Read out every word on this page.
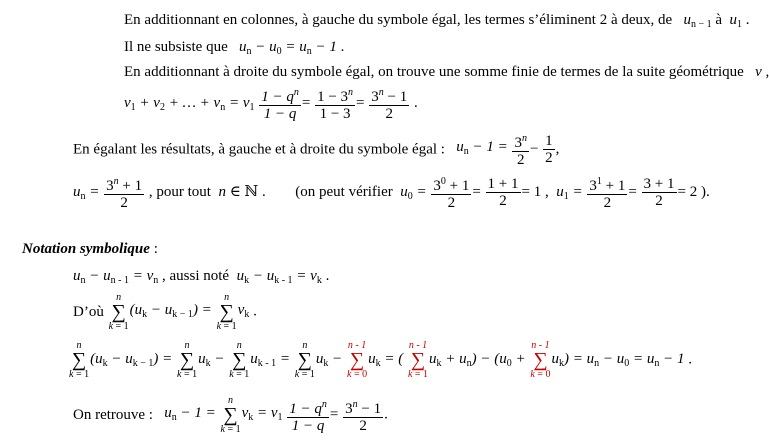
En additionnant en colonnes, à gauche du symbole égal, les termes s’éliminent 2 à deux, de   $u_{n - 1}$ à  $u_1$ .
Il ne subsiste que   $u_n - u_0 = u_n - 1$ .
En additionnant à droite du symbole égal, on trouve une somme finie de termes de la suite géométrique   v ,
$v_1 + v_2$ + … + $v_n = v_1 \frac{1 - q^n}{1 - q} = \frac{1 - 3^n}{1 - 3} = \frac{3^n - 1}{2}$ .
En égalant les résultats, à gauche et à droite du symbole égal :   $u_n - 1 = \frac{3^n}{2} - \frac{1}{2}$ ,
$u_n = \frac{3^n + 1}{2}$ , pour tout  n ∈ ℕ .  (on peut vérifier  $u_0 = \frac{3^0 + 1}{2} = \frac{1 + 1}{2} = 1$ ,  $u_1 = \frac{3^1 + 1}{2} = \frac{3 + 1}{2} = 2$ ).
Notation symbolique :
$u_n - u_{n - 1} = v_n$ , aussi noté  $u_k - u_{k - 1} = v_k$ .
D’où
n
∑
k = 1
$(u_k - u_{k - 1})$ =
n
∑
k = 1
$v_k$ .
n
∑
k = 1
$(u_k - u_{k - 1})$ =
n
∑
k = 1
$u_k$ −
n
∑
k = 1
$u_{k - 1}$ =
n
∑
k = 1
$u_k$ −
n - 1
∑
k = 0
$u_k$ = (
n - 1
∑
k = 1
$u_k + u_n) - (u_0$ +
n - 1
∑
k = 0
$u_k) = u_n - u_0 = u_n - 1$ .
On retrouve :   $u_n - 1$ =
n
∑
k = 1
$v_k = v_1 \frac{1 - q^n}{1 - q} = \frac{3^n - 1}{2}$ .
